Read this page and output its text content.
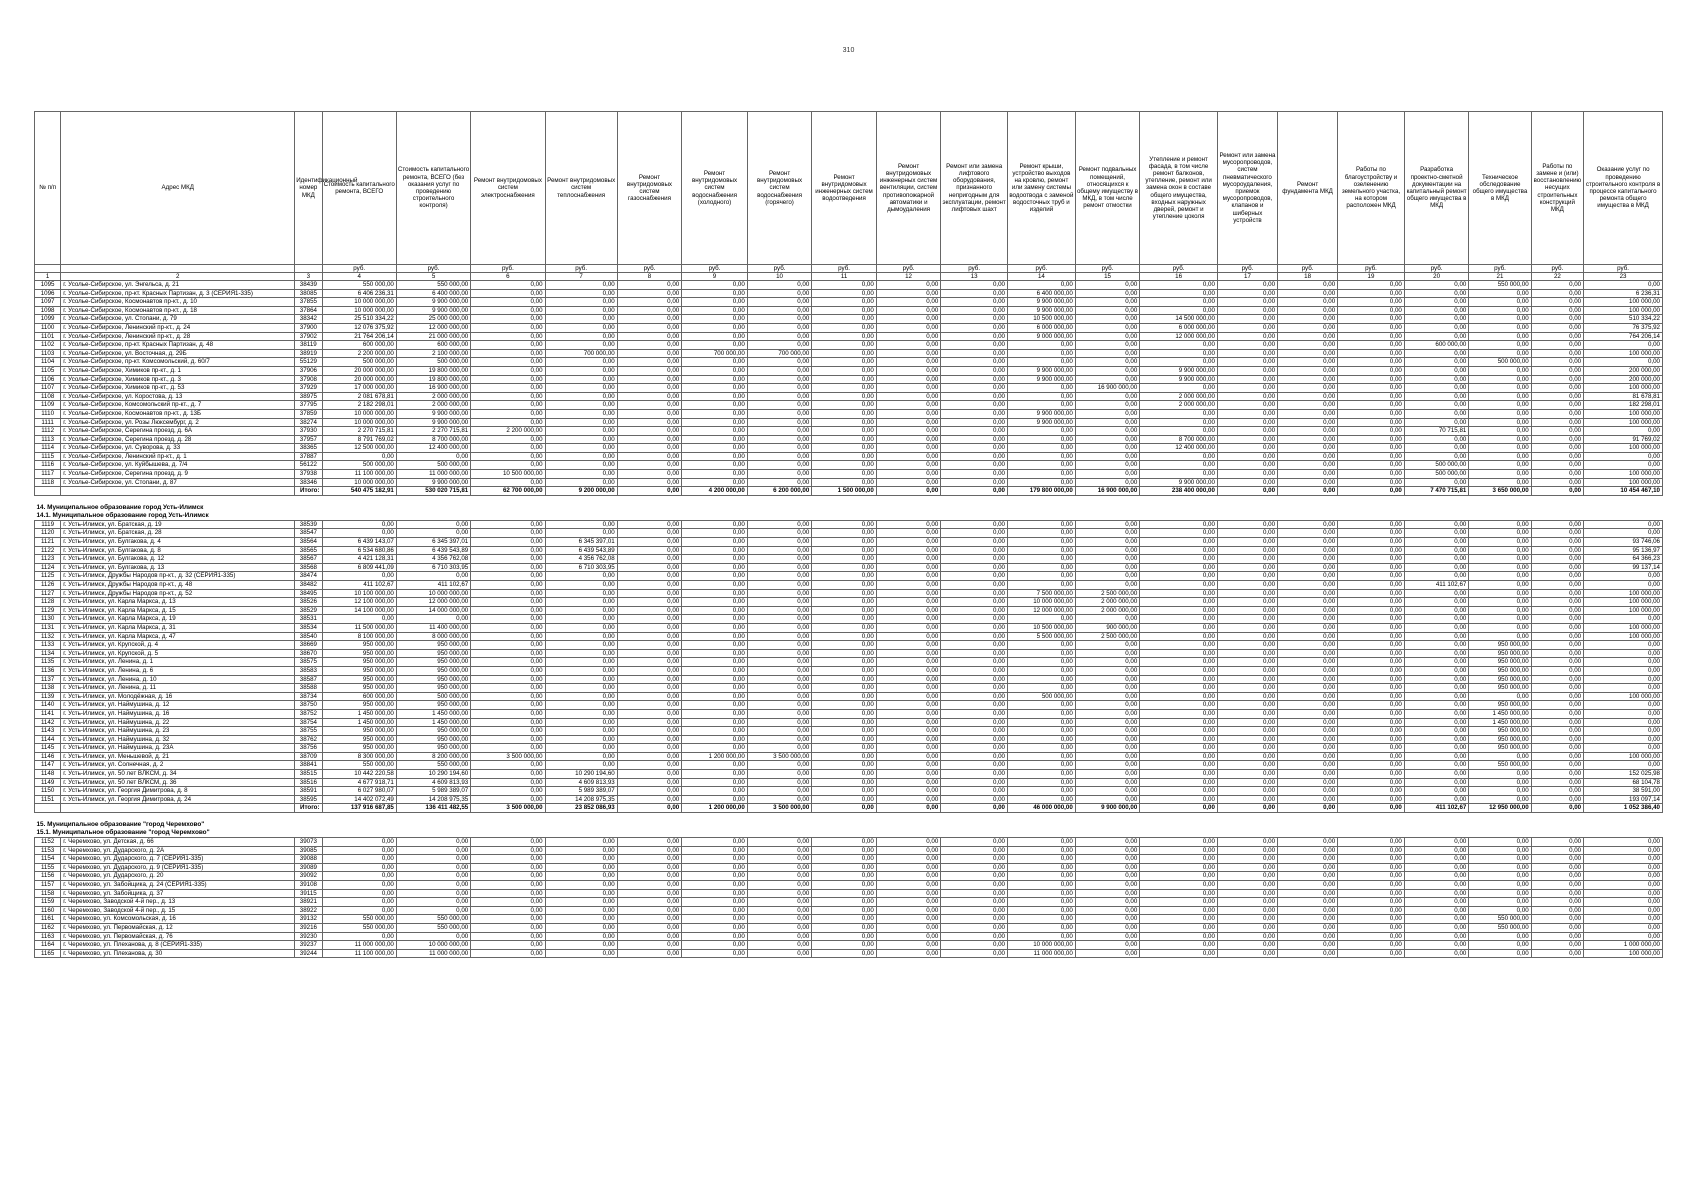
310
№ п/п	Адрес МКД	Идентификационный номер МКД	Стоимость капитального ремонта, ВСЕГО	Стоимость капитального ремонта, ВСЕГО (без оказания услуг по проведению строительного контроля)	Ремонт внутридомовых систем электроснабжения	Ремонт внутридомовых систем теплоснабжения	Ремонт внутридомовых систем газоснабжения	Ремонт внутридомовых систем водоснабжения (холодного)	Ремонт внутридомовых систем водоснабжения (горячего)	Ремонт внутридомовых инженерных систем водоотведения	Ремонт внутридомовых инженерных систем вентиляции, систем противопожарной автоматики и дымоудаления	Ремонт или замена лифтового оборудования, признанного непригодным для эксплуатации, ремонт лифтовых шахт	Ремонт крыши, устройство выходов на кровлю, ремонт или замену системы водоотвода с заменой водосточных труб и изделий	Ремонт подвальных помещений, относящихся к общему имуществу в МКД, в том числе ремонт отмостки	Утепление и ремонт фасада, в том числе ремонт балконов, утепление, ремонт или замена окон в составе общего имущества, входных наружных дверей, ремонт и утепление цоколя	Ремонт или замена мусоропроводов, систем пневматического мусороудаления, приемок мусоропроводов, клапанов и шиберных устройств	Ремонт фундамента МКД	Работы по благоустройству и озеленению земельного участка, на котором расположен МКД	Разработка проектно-сметной документации на капитальный ремонт общего имущества в МКД	Техническое обследование общего имущества в МКД	Работы по замене и (или) восстановлению несущих строительных конструкций МКД	Оказание услуг по проведению строительного контроля в процессе капитального ремонта общего имущества в МКД
			руб.	руб.	руб.	руб.	руб.	руб.	руб.	руб.	руб.	руб.	руб.	руб.	руб.	руб.	руб.	руб.	руб.	руб.	руб.	руб.
1	2	3	4	5	6	7	8	9	10	11	12	13	14	15	16	17	18	19	20	21	22	23
1095	г. Усолье-Сибирское, ул. Энгельса, д. 21	38439	550 000,00	550 000,00	0,00	0,00	0,00	0,00	0,00	0,00	0,00	0,00	0,00	0,00	0,00	0,00	0,00	0,00	0,00	550 000,00	0,00	0,00
1096	г. Усолье-Сибирское, пр-кт. Красных Партизан, д. 3 (СЕРИЯ1-335)	38085	6 406 236,31	6 400 000,00	0,00	0,00	0,00	0,00	0,00	0,00	0,00	0,00	6 400 000,00	0,00	0,00	0,00	0,00	0,00	0,00	0,00	0,00	6 236,31
1097	г. Усолье-Сибирское, Космонавтов пр-кт., д. 10	37855	10 000 000,00	9 900 000,00	0,00	0,00	0,00	0,00	0,00	0,00	0,00	0,00	9 900 000,00	0,00	0,00	0,00	0,00	0,00	0,00	0,00	0,00	100 000,00
1098	г. Усолье-Сибирское, Космонавтов пр-кт., д. 18	37864	10 000 000,00	9 900 000,00	0,00	0,00	0,00	0,00	0,00	0,00	0,00	0,00	9 900 000,00	0,00	0,00	0,00	0,00	0,00	0,00	0,00	0,00	100 000,00
1099	г. Усолье-Сибирское, ул. Стопани, д. 79	38342	25 510 334,22	25 000 000,00	0,00	0,00	0,00	0,00	0,00	0,00	0,00	0,00	10 500 000,00	0,00	14 500 000,00	0,00	0,00	0,00	0,00	0,00	0,00	510 334,22
1100	г. Усолье-Сибирское, Ленинский пр-кт., д. 24	37900	12 076 375,92	12 000 000,00	0,00	0,00	0,00	0,00	0,00	0,00	0,00	0,00	6 000 000,00	0,00	6 000 000,00	0,00	0,00	0,00	0,00	0,00	0,00	76 375,92
1101	г. Усолье-Сибирское, Ленинский пр-кт., д. 28	37902	21 764 206,14	21 000 000,00	0,00	0,00	0,00	0,00	0,00	0,00	0,00	0,00	9 000 000,00	0,00	12 000 000,00	0,00	0,00	0,00	0,00	0,00	0,00	764 206,14
1102	г. Усолье-Сибирское, пр-кт. Красных Партизан, д. 48	38119	600 000,00	600 000,00	0,00	0,00	0,00	0,00	0,00	0,00	0,00	0,00	0,00	0,00	0,00	0,00	0,00	0,00	600 000,00	0,00	0,00	0,00
1103	г. Усолье-Сибирское, ул. Восточная, д. 29Б	38919	2 200 000,00	2 100 000,00	0,00	700 000,00	0,00	700 000,00	700 000,00	0,00	0,00	0,00	0,00	0,00	0,00	0,00	0,00	0,00	0,00	0,00	0,00	100 000,00
1104	г. Усолье-Сибирское, пр-кт. Комсомольский, д. 60/7	55129	500 000,00	500 000,00	0,00	0,00	0,00	0,00	0,00	0,00	0,00	0,00	0,00	0,00	0,00	0,00	0,00	0,00	0,00	500 000,00	0,00	0,00
1105	г. Усолье-Сибирское, Химиков пр-кт., д. 1	37906	20 000 000,00	19 800 000,00	0,00	0,00	0,00	0,00	0,00	0,00	0,00	0,00	9 900 000,00	0,00	9 900 000,00	0,00	0,00	0,00	0,00	0,00	0,00	200 000,00
1106	г. Усолье-Сибирское, Химиков пр-кт., д. 3	37908	20 000 000,00	19 800 000,00	0,00	0,00	0,00	0,00	0,00	0,00	0,00	0,00	9 900 000,00	0,00	9 900 000,00	0,00	0,00	0,00	0,00	0,00	0,00	200 000,00
1107	г. Усолье-Сибирское, Химиков пр-кт., д. 53	37929	17 000 000,00	16 900 000,00	0,00	0,00	0,00	0,00	0,00	0,00	0,00	0,00	0,00	16 900 000,00	0,00	0,00	0,00	0,00	0,00	0,00	0,00	100 000,00
1108	г. Усолье-Сибирское, ул. Коростова, д. 13	38975	2 081 678,81	2 000 000,00	0,00	0,00	0,00	0,00	0,00	0,00	0,00	0,00	0,00	0,00	2 000 000,00	0,00	0,00	0,00	0,00	0,00	0,00	81 678,81
1109	г. Усолье-Сибирское, Комсомольский пр-кт., д. 7	37795	2 182 298,01	2 000 000,00	0,00	0,00	0,00	0,00	0,00	0,00	0,00	0,00	0,00	0,00	2 000 000,00	0,00	0,00	0,00	0,00	0,00	0,00	182 298,01
1110	г. Усолье-Сибирское, Космонавтов пр-кт., д. 13Б	37859	10 000 000,00	9 900 000,00	0,00	0,00	0,00	0,00	0,00	0,00	0,00	0,00	9 900 000,00	0,00	0,00	0,00	0,00	0,00	0,00	0,00	0,00	100 000,00
1111	г. Усолье-Сибирское, ул. Розы Люксембург, д. 2	38274	10 000 000,00	9 900 000,00	0,00	0,00	0,00	0,00	0,00	0,00	0,00	0,00	9 900 000,00	0,00	0,00	0,00	0,00	0,00	0,00	0,00	0,00	100 000,00
1112	г. Усолье-Сибирское, Серегина проезд, д. 6А	37930	2 270 715,81	2 270 715,81	2 200 000,00	0,00	0,00	0,00	0,00	0,00	0,00	0,00	0,00	0,00	0,00	0,00	0,00	0,00	70 715,81	0,00	0,00	0,00
1113	г. Усолье-Сибирское, Серегина проезд, д. 28	37957	8 791 769,02	8 700 000,00	0,00	0,00	0,00	0,00	0,00	0,00	0,00	0,00	0,00	0,00	8 700 000,00	0,00	0,00	0,00	0,00	0,00	0,00	91 769,02
1114	г. Усолье-Сибирское, ул. Суворова, д. 33	38365	12 500 000,00	12 400 000,00	0,00	0,00	0,00	0,00	0,00	0,00	0,00	0,00	0,00	0,00	12 400 000,00	0,00	0,00	0,00	0,00	0,00	0,00	100 000,00
1115	г. Усолье-Сибирское, Ленинский пр-кт., д. 1	37887	0,00	0,00	0,00	0,00	0,00	0,00	0,00	0,00	0,00	0,00	0,00	0,00	0,00	0,00	0,00	0,00	0,00	0,00	0,00	0,00
1116	г. Усолье-Сибирское, ул. Куйбышева, д. 7/4	56122	500 000,00	500 000,00	0,00	0,00	0,00	0,00	0,00	0,00	0,00	0,00	0,00	0,00	0,00	0,00	0,00	0,00	500 000,00	0,00	0,00	0,00
1117	г. Усолье-Сибирское, Серегина проезд, д. 9	37938	11 100 000,00	11 000 000,00	10 500 000,00	0,00	0,00	0,00	0,00	0,00	0,00	0,00	0,00	0,00	0,00	0,00	0,00	0,00	500 000,00	0,00	0,00	100 000,00
1118	г. Усолье-Сибирское, ул. Стопани, д. 87	38346	10 000 000,00	9 900 000,00	0,00	0,00	0,00	0,00	0,00	0,00	0,00	0,00	0,00	0,00	9 900 000,00	0,00	0,00	0,00	0,00	0,00	0,00	100 000,00
		Итого:	540 475 182,91	530 020 715,81	62 700 000,00	9 200 000,00	0,00	4 200 000,00	6 200 000,00	1 500 000,00	0,00	0,00	179 800 000,00	16 900 000,00	238 400 000,00	0,00	0,00	0,00	7 470 715,81	3 650 000,00	0,00	10 454 467,10

14. Муниципальное образование город Усть-Илимск																						
14.1. Муниципальное образование город Усть-Илимск																						
1119	г. Усть-Илимск, ул. Братская, д. 19	38539	0,00	0,00	0,00	0,00	0,00	0,00	0,00	0,00	0,00	0,00	0,00	0,00	0,00	0,00	0,00	0,00	0,00	0,00	0,00	0,00
1120	г. Усть-Илимск, ул. Братская, д. 28	38547	0,00	0,00	0,00	0,00	0,00	0,00	0,00	0,00	0,00	0,00	0,00	0,00	0,00	0,00	0,00	0,00	0,00	0,00	0,00	0,00
1121	г. Усть-Илимск, ул. Булгакова, д. 4	38564	6 439 143,07	6 345 397,01	0,00	6 345 397,01	0,00	0,00	0,00	0,00	0,00	0,00	0,00	0,00	0,00	0,00	0,00	0,00	0,00	0,00	0,00	93 746,06
1122	г. Усть-Илимск, ул. Булгакова, д. 8	38565	6 534 680,86	6 439 543,89	0,00	6 439 543,89	0,00	0,00	0,00	0,00	0,00	0,00	0,00	0,00	0,00	0,00	0,00	0,00	0,00	0,00	0,00	95 136,97
1123	г. Усть-Илимск, ул. Булгакова, д. 12	38567	4 421 128,31	4 356 762,08	0,00	4 356 762,08	0,00	0,00	0,00	0,00	0,00	0,00	0,00	0,00	0,00	0,00	0,00	0,00	0,00	0,00	0,00	64 366,23
1124	г. Усть-Илимск, ул. Булгакова, д. 13	38568	6 809 441,09	6 710 303,95	0,00	6 710 303,95	0,00	0,00	0,00	0,00	0,00	0,00	0,00	0,00	0,00	0,00	0,00	0,00	0,00	0,00	0,00	99 137,14
1125	г. Усть-Илимск, Дружбы Народов пр-кт., д. 32 (СЕРИЯ1-335)	38474	0,00	0,00	0,00	0,00	0,00	0,00	0,00	0,00	0,00	0,00	0,00	0,00	0,00	0,00	0,00	0,00	0,00	0,00	0,00	0,00
1126	г. Усть-Илимск, Дружбы Народов пр-кт., д. 48	38482	411 102,67	411 102,67	0,00	0,00	0,00	0,00	0,00	0,00	0,00	0,00	0,00	0,00	0,00	0,00	0,00	0,00	411 102,67	0,00	0,00	0,00
1127	г. Усть-Илимск, Дружбы Народов пр-кт., д. 52	38495	10 100 000,00	10 000 000,00	0,00	0,00	0,00	0,00	0,00	0,00	0,00	0,00	7 500 000,00	2 500 000,00	0,00	0,00	0,00	0,00	0,00	0,00	0,00	100 000,00
1128	г. Усть-Илимск, ул. Карла Маркса, д. 13	38526	12 100 000,00	12 000 000,00	0,00	0,00	0,00	0,00	0,00	0,00	0,00	0,00	10 000 000,00	2 000 000,00	0,00	0,00	0,00	0,00	0,00	0,00	0,00	100 000,00
1129	г. Усть-Илимск, ул. Карла Маркса, д. 15	38529	14 100 000,00	14 000 000,00	0,00	0,00	0,00	0,00	0,00	0,00	0,00	0,00	12 000 000,00	2 000 000,00	0,00	0,00	0,00	0,00	0,00	0,00	0,00	100 000,00
1130	г. Усть-Илимск, ул. Карла Маркса, д. 19	38531	0,00	0,00	0,00	0,00	0,00	0,00	0,00	0,00	0,00	0,00	0,00	0,00	0,00	0,00	0,00	0,00	0,00	0,00	0,00	0,00
1131	г. Усть-Илимск, ул. Карла Маркса, д. 31	38534	11 500 000,00	11 400 000,00	0,00	0,00	0,00	0,00	0,00	0,00	0,00	0,00	10 500 000,00	900 000,00	0,00	0,00	0,00	0,00	0,00	0,00	0,00	100 000,00
1132	г. Усть-Илимск, ул. Карла Маркса, д. 47	38540	8 100 000,00	8 000 000,00	0,00	0,00	0,00	0,00	0,00	0,00	0,00	0,00	5 500 000,00	2 500 000,00	0,00	0,00	0,00	0,00	0,00	0,00	0,00	100 000,00
1133	г. Усть-Илимск, ул. Крупской, д. 4	38669	950 000,00	950 000,00	0,00	0,00	0,00	0,00	0,00	0,00	0,00	0,00	0,00	0,00	0,00	0,00	0,00	0,00	0,00	950 000,00	0,00	0,00
1134	г. Усть-Илимск, ул. Крупской, д. 5	38670	950 000,00	950 000,00	0,00	0,00	0,00	0,00	0,00	0,00	0,00	0,00	0,00	0,00	0,00	0,00	0,00	0,00	0,00	950 000,00	0,00	0,00
1135	г. Усть-Илимск, ул. Ленина, д. 1	38575	950 000,00	950 000,00	0,00	0,00	0,00	0,00	0,00	0,00	0,00	0,00	0,00	0,00	0,00	0,00	0,00	0,00	0,00	950 000,00	0,00	0,00
1136	г. Усть-Илимск, ул. Ленина, д. 6	38583	950 000,00	950 000,00	0,00	0,00	0,00	0,00	0,00	0,00	0,00	0,00	0,00	0,00	0,00	0,00	0,00	0,00	0,00	950 000,00	0,00	0,00
1137	г. Усть-Илимск, ул. Ленина, д. 10	38587	950 000,00	950 000,00	0,00	0,00	0,00	0,00	0,00	0,00	0,00	0,00	0,00	0,00	0,00	0,00	0,00	0,00	0,00	950 000,00	0,00	0,00
1138	г. Усть-Илимск, ул. Ленина, д. 11	38588	950 000,00	950 000,00	0,00	0,00	0,00	0,00	0,00	0,00	0,00	0,00	0,00	0,00	0,00	0,00	0,00	0,00	0,00	950 000,00	0,00	0,00
1139	г. Усть-Илимск, ул. Молодёжная, д. 16	38734	600 000,00	500 000,00	0,00	0,00	0,00	0,00	0,00	0,00	0,00	0,00	500 000,00	0,00	0,00	0,00	0,00	0,00	0,00	0,00	0,00	100 000,00
1140	г. Усть-Илимск, ул. Наймушина, д. 12	38750	950 000,00	950 000,00	0,00	0,00	0,00	0,00	0,00	0,00	0,00	0,00	0,00	0,00	0,00	0,00	0,00	0,00	0,00	950 000,00	0,00	0,00
1141	г. Усть-Илимск, ул. Наймушина, д. 16	38752	1 450 000,00	1 450 000,00	0,00	0,00	0,00	0,00	0,00	0,00	0,00	0,00	0,00	0,00	0,00	0,00	0,00	0,00	0,00	1 450 000,00	0,00	0,00
1142	г. Усть-Илимск, ул. Наймушина, д. 22	38754	1 450 000,00	1 450 000,00	0,00	0,00	0,00	0,00	0,00	0,00	0,00	0,00	0,00	0,00	0,00	0,00	0,00	0,00	0,00	1 450 000,00	0,00	0,00
1143	г. Усть-Илимск, ул. Наймушина, д. 23	38755	950 000,00	950 000,00	0,00	0,00	0,00	0,00	0,00	0,00	0,00	0,00	0,00	0,00	0,00	0,00	0,00	0,00	0,00	950 000,00	0,00	0,00
1144	г. Усть-Илимск, ул. Наймушина, д. 32	38762	950 000,00	950 000,00	0,00	0,00	0,00	0,00	0,00	0,00	0,00	0,00	0,00	0,00	0,00	0,00	0,00	0,00	0,00	950 000,00	0,00	0,00
1145	г. Усть-Илимск, ул. Наймушина, д. 23А	38756	950 000,00	950 000,00	0,00	0,00	0,00	0,00	0,00	0,00	0,00	0,00	0,00	0,00	0,00	0,00	0,00	0,00	0,00	950 000,00	0,00	0,00
1146	г. Усть-Илимск, ул. Меньшевой, д. 21	38709	8 300 000,00	8 200 000,00	3 500 000,00	0,00	0,00	1 200 000,00	3 500 000,00	0,00	0,00	0,00	0,00	0,00	0,00	0,00	0,00	0,00	0,00	0,00	0,00	100 000,00
1147	г. Усть-Илимск, ул. Солнечная, д. 2	38841	550 000,00	550 000,00	0,00	0,00	0,00	0,00	0,00	0,00	0,00	0,00	0,00	0,00	0,00	0,00	0,00	0,00	0,00	550 000,00	0,00	0,00
1148	г. Усть-Илимск, ул. 50 лет ВЛКСМ, д. 34	38515	10 442 220,58	10 290 194,60	0,00	10 290 194,60	0,00	0,00	0,00	0,00	0,00	0,00	0,00	0,00	0,00	0,00	0,00	0,00	0,00	0,00	0,00	152 025,98
1149	г. Усть-Илимск, ул. 50 лет ВЛКСМ, д. 36	38516	4 677 918,71	4 609 813,93	0,00	4 609 813,93	0,00	0,00	0,00	0,00	0,00	0,00	0,00	0,00	0,00	0,00	0,00	0,00	0,00	0,00	0,00	68 104,78
1150	г. Усть-Илимск, ул. Георгия Димитрова, д. 8	38591	6 027 980,07	5 989 389,07	0,00	5 989 389,07	0,00	0,00	0,00	0,00	0,00	0,00	0,00	0,00	0,00	0,00	0,00	0,00	0,00	0,00	0,00	38 591,00
1151	г. Усть-Илимск, ул. Георгия Димитрова, д. 24	38595	14 402 072,49	14 208 975,35	0,00	14 208 975,35	0,00	0,00	0,00	0,00	0,00	0,00	0,00	0,00	0,00	0,00	0,00	0,00	0,00	0,00	0,00	193 097,14
		Итого:	137 916 687,85	136 411 482,55	3 500 000,00	23 852 086,93	0,00	1 200 000,00	3 500 000,00	0,00	0,00	0,00	46 000 000,00	9 900 000,00	0,00	0,00	0,00	0,00	411 102,67	12 950 000,00	0,00	1 052 386,40

15. Муниципальное образование "город Черемхово"																						
15.1. Муниципальное образование "город Черемхово"																						
1152	г. Черемхово, ул. Детская, д. 66	39073	0,00	0,00	0,00	0,00	0,00	0,00	0,00	0,00	0,00	0,00	0,00	0,00	0,00	0,00	0,00	0,00	0,00	0,00	0,00	0,00
1153	г. Черемхово, ул. Дударского, д. 2А	39085	0,00	0,00	0,00	0,00	0,00	0,00	0,00	0,00	0,00	0,00	0,00	0,00	0,00	0,00	0,00	0,00	0,00	0,00	0,00	0,00
1154	г. Черемхово, ул. Дударского, д. 7 (СЕРИЯ1-335)	39088	0,00	0,00	0,00	0,00	0,00	0,00	0,00	0,00	0,00	0,00	0,00	0,00	0,00	0,00	0,00	0,00	0,00	0,00	0,00	0,00
1155	г. Черемхово, ул. Дударского, д. 9 (СЕРИЯ1-335)	39089	0,00	0,00	0,00	0,00	0,00	0,00	0,00	0,00	0,00	0,00	0,00	0,00	0,00	0,00	0,00	0,00	0,00	0,00	0,00	0,00
1156	г. Черемхово, ул. Дударского, д. 20	39092	0,00	0,00	0,00	0,00	0,00	0,00	0,00	0,00	0,00	0,00	0,00	0,00	0,00	0,00	0,00	0,00	0,00	0,00	0,00	0,00
1157	г. Черемхово, ул. Забойщика, д. 24 (СЕРИЯ1-335)	39108	0,00	0,00	0,00	0,00	0,00	0,00	0,00	0,00	0,00	0,00	0,00	0,00	0,00	0,00	0,00	0,00	0,00	0,00	0,00	0,00
1158	г. Черемхово, ул. Забойщика, д. 37	39115	0,00	0,00	0,00	0,00	0,00	0,00	0,00	0,00	0,00	0,00	0,00	0,00	0,00	0,00	0,00	0,00	0,00	0,00	0,00	0,00
1159	г. Черемхово, Заводской 4-й пер., д. 13	38921	0,00	0,00	0,00	0,00	0,00	0,00	0,00	0,00	0,00	0,00	0,00	0,00	0,00	0,00	0,00	0,00	0,00	0,00	0,00	0,00
1160	г. Черемхово, Заводской 4-й пер., д. 15	38922	0,00	0,00	0,00	0,00	0,00	0,00	0,00	0,00	0,00	0,00	0,00	0,00	0,00	0,00	0,00	0,00	0,00	0,00	0,00	0,00
1161	г. Черемхово, ул. Комсомольская, д. 16	39132	550 000,00	550 000,00	0,00	0,00	0,00	0,00	0,00	0,00	0,00	0,00	0,00	0,00	0,00	0,00	0,00	0,00	0,00	550 000,00	0,00	0,00
1162	г. Черемхово, ул. Первомайская, д. 12	39216	550 000,00	550 000,00	0,00	0,00	0,00	0,00	0,00	0,00	0,00	0,00	0,00	0,00	0,00	0,00	0,00	0,00	0,00	550 000,00	0,00	0,00
1163	г. Черемхово, ул. Первомайская, д. 76	39230	0,00	0,00	0,00	0,00	0,00	0,00	0,00	0,00	0,00	0,00	0,00	0,00	0,00	0,00	0,00	0,00	0,00	0,00	0,00	0,00
1164	г. Черемхово, ул. Плеханова, д. 8 (СЕРИЯ1-335)	39237	11 000 000,00	10 000 000,00	0,00	0,00	0,00	0,00	0,00	0,00	0,00	0,00	10 000 000,00	0,00	0,00	0,00	0,00	0,00	0,00	0,00	0,00	1 000 000,00
1165	г. Черемхово, ул. Плеханова, д. 30	39244	11 100 000,00	11 000 000,00	0,00	0,00	0,00	0,00	0,00	0,00	0,00	0,00	11 000 000,00	0,00	0,00	0,00	0,00	0,00	0,00	0,00	0,00	100 000,00
